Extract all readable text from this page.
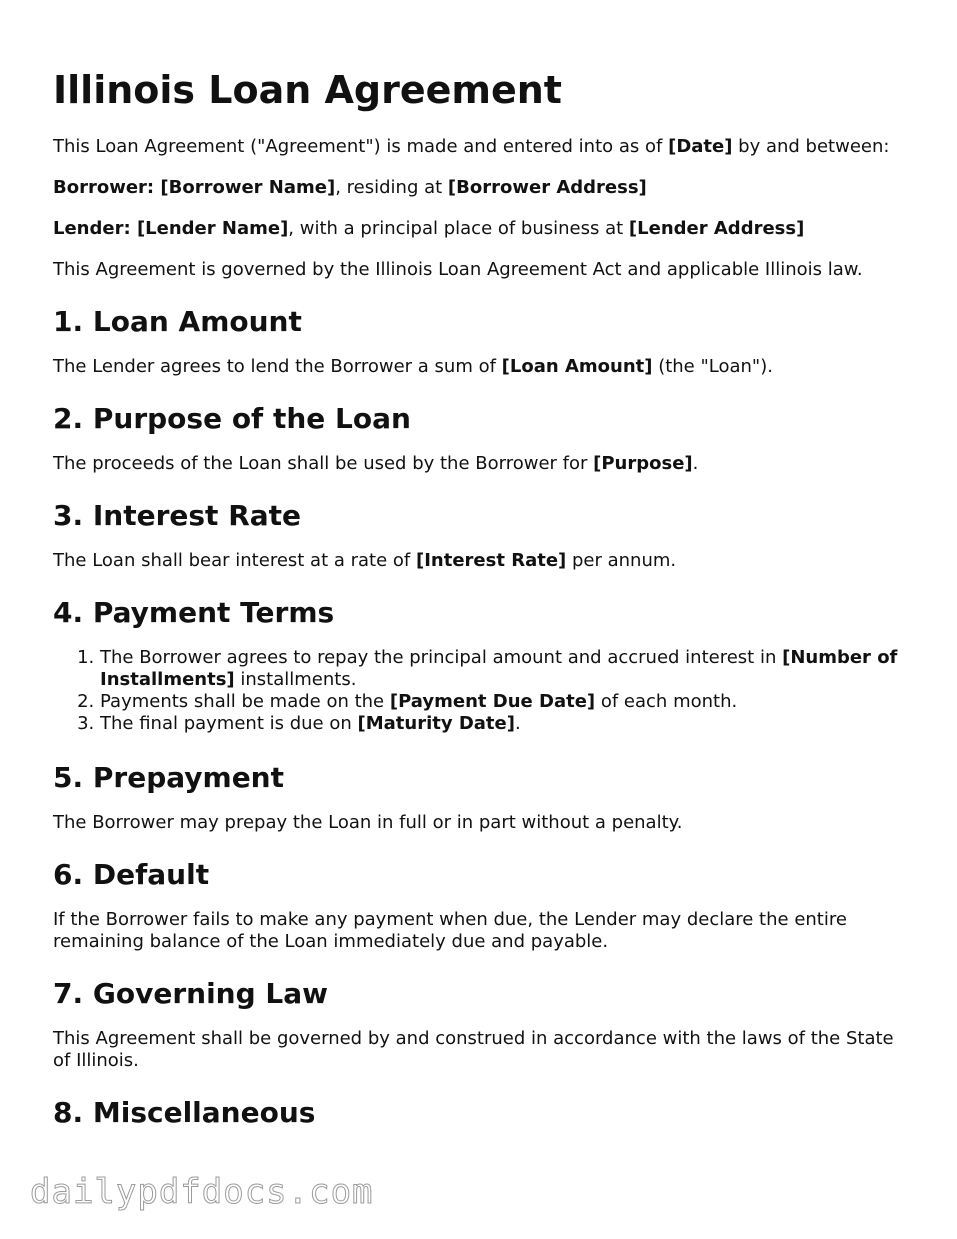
Illinois Loan Agreement

This Loan Agreement ("Agreement") is made and entered into as of [Date] by and between:

Borrower: [Borrower Name], residing at [Borrower Address]

Lender: [Lender Name], with a principal place of business at [Lender Address]

This Agreement is governed by the Illinois Loan Agreement Act and applicable Illinois law.

1. Loan Amount

The Lender agrees to lend the Borrower a sum of [Loan Amount] (the "Loan").

2. Purpose of the Loan

The proceeds of the Loan shall be used by the Borrower for [Purpose].

3. Interest Rate

The Loan shall bear interest at a rate of [Interest Rate] per annum.

4. Payment Terms
1. The Borrower agrees to repay the principal amount and accrued interest in [Number of Installments] installments.
2. Payments shall be made on the [Payment Due Date] of each month.
3. The final payment is due on [Maturity Date].
5. Prepayment

The Borrower may prepay the Loan in full or in part without a penalty.

6. Default

If the Borrower fails to make any payment when due, the Lender may declare the entire remaining balance of the Loan immediately due and payable.

7. Governing Law

This Agreement shall be governed by and construed in accordance with the laws of the State of Illinois.

8. Miscellaneous
dailypdfdocs.com
